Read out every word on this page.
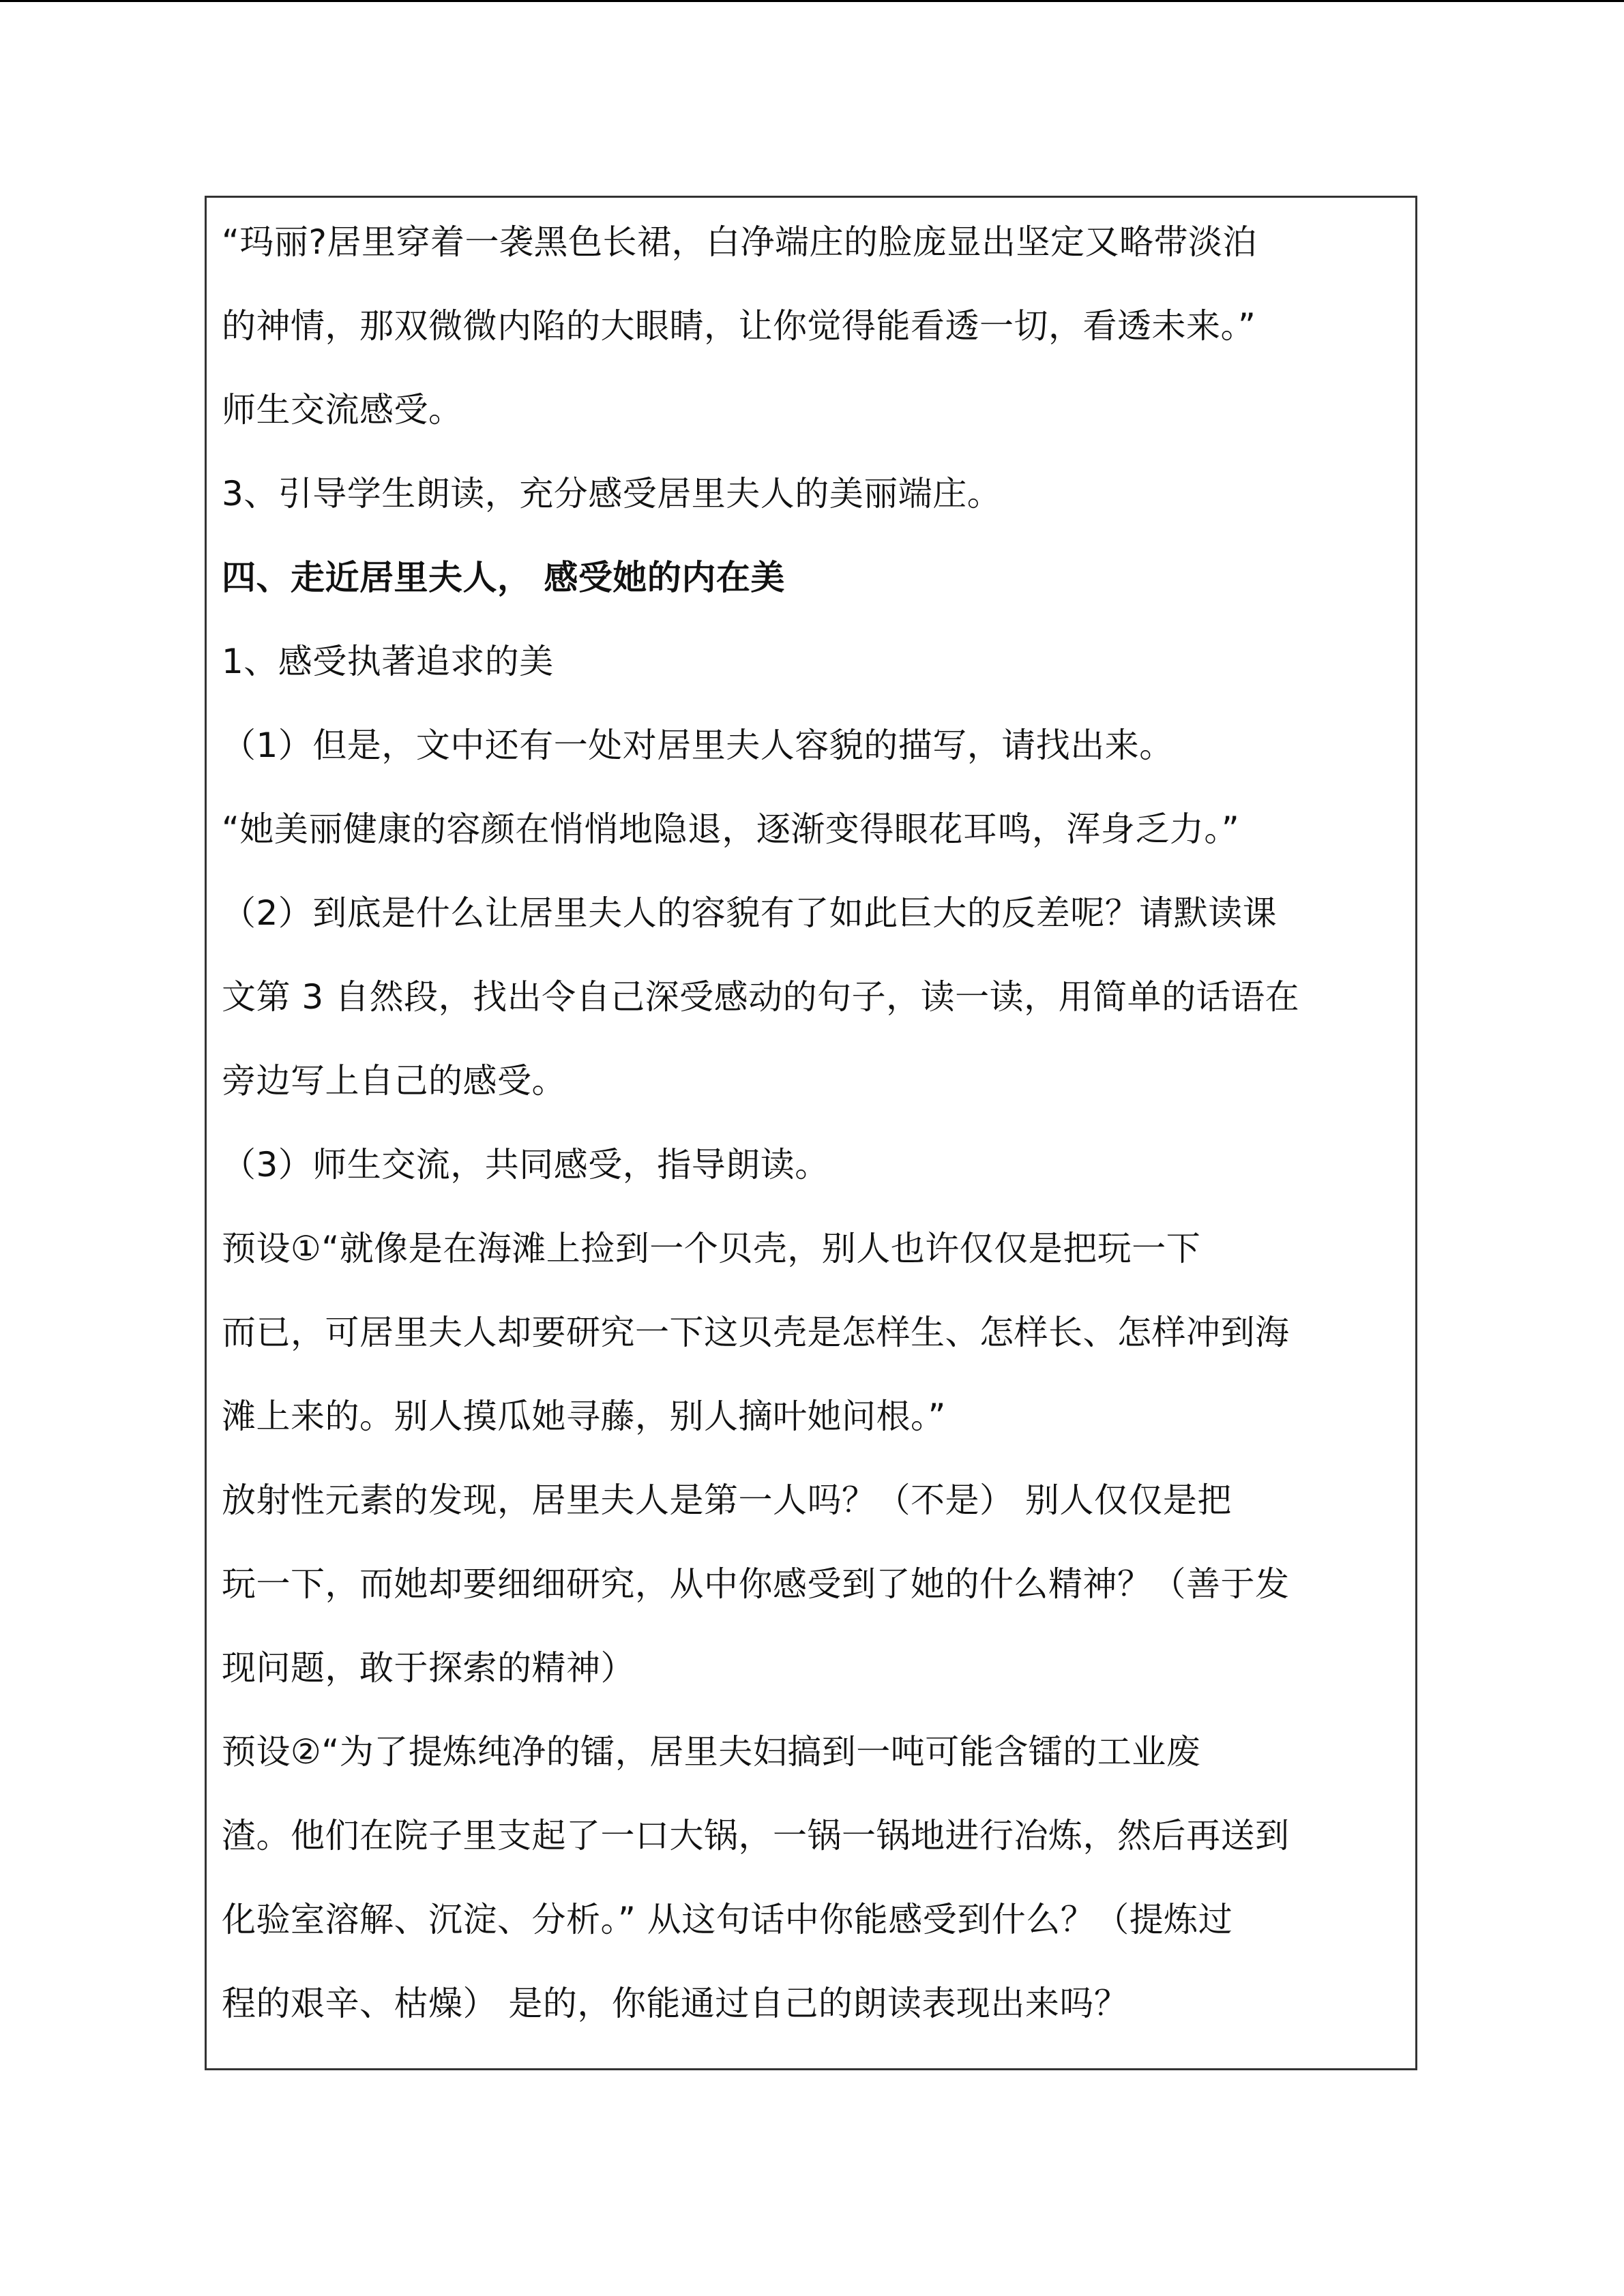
“玛丽?居里穿着一袭黑色长裙，白净端庄的脸庞显出坚定又略带淡泊
的神情，那双微微内陷的大眼睛，让你觉得能看透一切，看透未来。”
师生交流感受。
3、引导学生朗读，充分感受居里夫人的美丽端庄。
四、走近居里夫人， 感受她的内在美
1、感受执著追求的美
（1）但是，文中还有一处对居里夫人容貌的描写，请找出来。
“她美丽健康的容颜在悄悄地隐退，逐渐变得眼花耳鸣，浑身乏力。”
（2）到底是什么让居里夫人的容貌有了如此巨大的反差呢？请默读课
文第 3 自然段，找出令自己深受感动的句子，读一读，用简单的话语在
旁边写上自己的感受。
（3）师生交流，共同感受，指导朗读。
预设①“就像是在海滩上捡到一个贝壳，别人也许仅仅是把玩一下
而已，可居里夫人却要研究一下这贝壳是怎样生、怎样长、怎样冲到海
滩上来的。别人摸瓜她寻藤，别人摘叶她问根。”
放射性元素的发现，居里夫人是第一人吗？（不是） 别人仅仅是把
玩一下，而她却要细细研究，从中你感受到了她的什么精神？（善于发
现问题，敢于探索的精神）
预设②“为了提炼纯净的镭，居里夫妇搞到一吨可能含镭的工业废
渣。他们在院子里支起了一口大锅，一锅一锅地进行冶炼，然后再送到
化验室溶解、沉淀、分析。” 从这句话中你能感受到什么？（提炼过
程的艰辛、枯燥） 是的，你能通过自己的朗读表现出来吗？
